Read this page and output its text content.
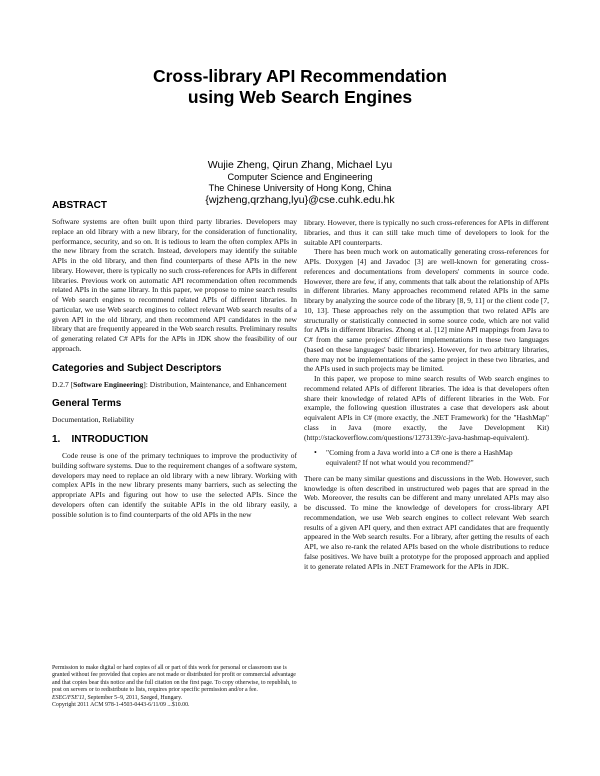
Cross-library API Recommendation
using Web Search Engines
Wujie Zheng, Qirun Zhang, Michael Lyu
Computer Science and Engineering
The Chinese University of Hong Kong, China
{wjzheng,qrzhang,lyu}@cse.cuhk.edu.hk
ABSTRACT

Software systems are often built upon third party libraries. Developers may replace an old library with a new library, for the consideration of functionality, performance, security, and so on. It is tedious to learn the often complex APIs in the new library from the scratch. Instead, developers may identify the suitable APIs in the old library, and then find counterparts of these APIs in the new library. However, there is typically no such cross-references for APIs in different libraries. Previous work on automatic API recommendation often recommends related APIs in the same library. In this paper, we propose to mine search results of Web search engines to recommend related APIs of different libraries. In particular, we use Web search engines to collect relevant Web search results of a given API in the old library, and then recommend API candidates in the new library that are frequently appeared in the Web search results. Preliminary results of generating related C# APIs for the APIs in JDK show the feasibility of our approach.

Categories and Subject Descriptors

D.2.7 [Software Engineering]: Distribution, Maintenance, and Enhancement

General Terms

Documentation, Reliability

1.    INTRODUCTION

Code reuse is one of the primary techniques to improve the productivity of building software systems. Due to the requirement changes of a software system, developers may need to replace an old library with a new library. Working with complex APIs in the new library presents many barriers, such as selecting the appropriate APIs and figuring out how to use the selected APIs. Since the developers often can identify the suitable APIs in the old library easily, a possible solution is to find counterparts of the old APIs in the new

Permission to make digital or hard copies of all or part of this work for personal or classroom use is granted without fee provided that copies are not made or distributed for profit or commercial advantage and that copies bear this notice and the full citation on the first page. To copy otherwise, to republish, to post on servers or to redistribute to lists, requires prior specific permission and/or a fee.

ESEC/FSE'11, September 5–9, 2011, Szeged, Hungary.

Copyright 2011 ACM 978-1-4503-0443-6/11/09 ...$10.00.

library. However, there is typically no such cross-references for APIs in different libraries, and thus it can still take much time of developers to look for the suitable API counterparts.

There has been much work on automatically generating cross-references for APIs. Doxygen [4] and Javadoc [3] are well-known for generating cross-references and documentations from developers' comments in source code. However, there are few, if any, comments that talk about the relationship of APIs in different libraries. Many approaches recommend related APIs in the same library by analyzing the source code of the library [8, 9, 11] or the client code [7, 10, 13]. These approaches rely on the assumption that two related APIs are structurally or statistically connected in some source code, which are not valid for APIs in different libraries. Zhong et al. [12] mine API mappings from Java to C# from the same projects' different implementations in these two languages (based on these languages' basic libraries). However, for two arbitrary libraries, there may not be implementations of the same project in these two libraries, and the APIs used in such projects may be limited.

In this paper, we propose to mine search results of Web search engines to recommend related APIs of different libraries. The idea is that developers often share their knowledge of related APIs of different libraries in the Web. For example, the following question illustrates a case that developers ask about equivalent APIs in C# (more exactly, the .NET Framework) for the "HashMap" class in Java (more exactly, the Jave Development Kit) (http://stackoverflow.com/questions/1273139/c-java-hashmap-equivalent).

•	"Coming from a Java world into a C# one is there a HashMap equivalent? If not what would you recommend?"

There can be many similar questions and discussions in the Web. However, such knowledge is often described in unstructured web pages that are spread in the Web. Moreover, the results can be different and many unrelated APIs may also be discussed. To mine the knowledge of developers for cross-library API recommendation, we use Web search engines to collect relevant Web search results of a given API query, and then extract API candidates that are frequently appeared in the Web search results. For a library, after getting the results of each API, we also re-rank the related APIs based on the whole distributions to reduce false positives. We have built a prototype for the proposed approach and applied it to generate related APIs in .NET Framework for the APIs in JDK.
